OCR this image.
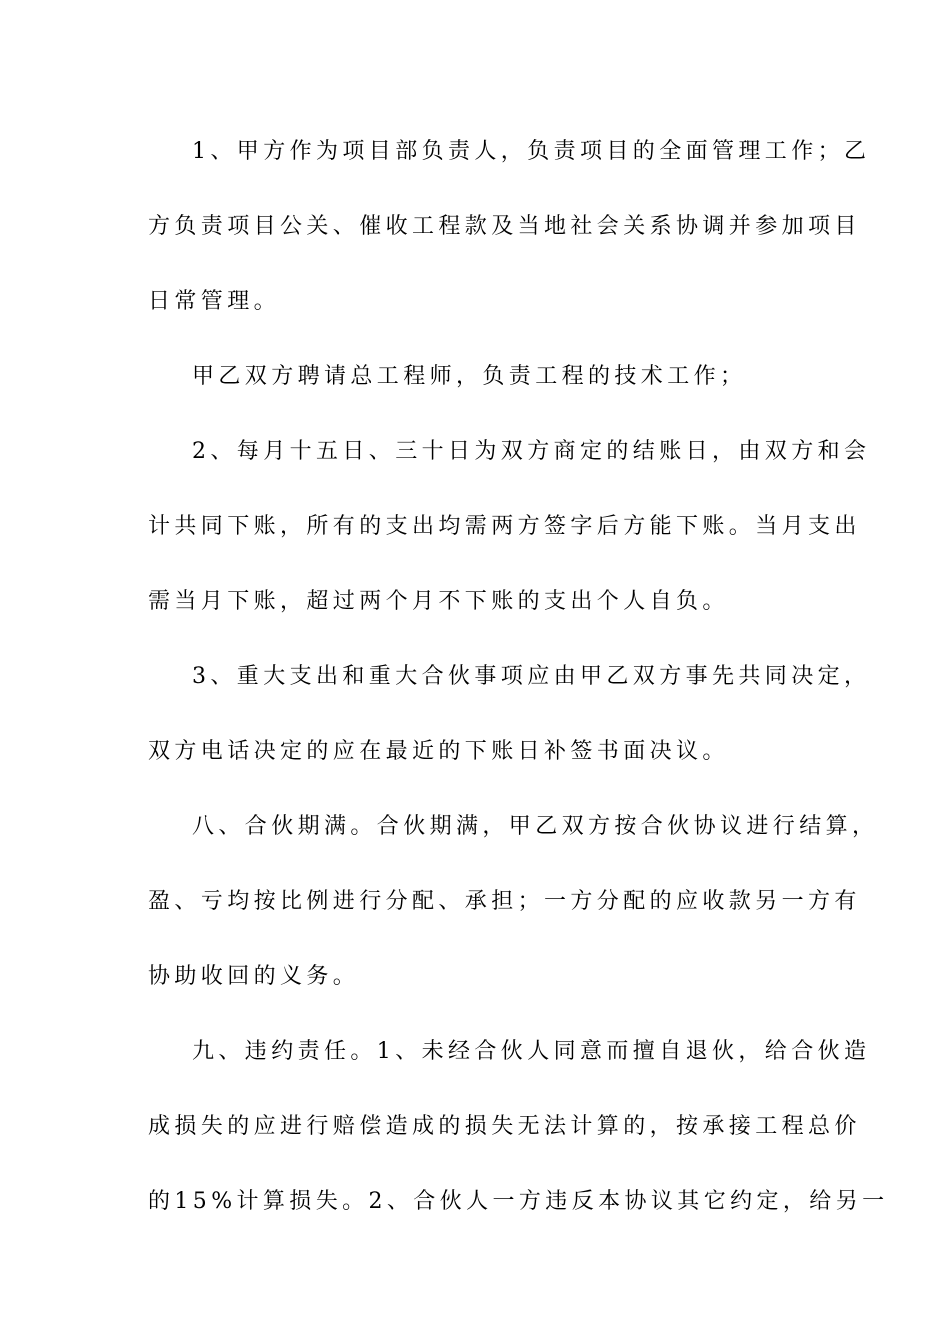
1、甲方作为项目部负责人，负责项目的全面管理工作；乙
方负责项目公关、催收工程款及当地社会关系协调并参加项目
日常管理。
甲乙双方聘请总工程师，负责工程的技术工作；
2、每月十五日、三十日为双方商定的结账日，由双方和会
计共同下账，所有的支出均需两方签字后方能下账。当月支出
需当月下账，超过两个月不下账的支出个人自负。
3、重大支出和重大合伙事项应由甲乙双方事先共同决定，
双方电话决定的应在最近的下账日补签书面决议。
八、合伙期满。合伙期满，甲乙双方按合伙协议进行结算，
盈、亏均按比例进行分配、承担；一方分配的应收款另一方有
协助收回的义务。
九、违约责任。1、未经合伙人同意而擅自退伙，给合伙造
成损失的应进行赔偿造成的损失无法计算的，按承接工程总价
的15%计算损失。2、合伙人一方违反本协议其它约定，给另一
